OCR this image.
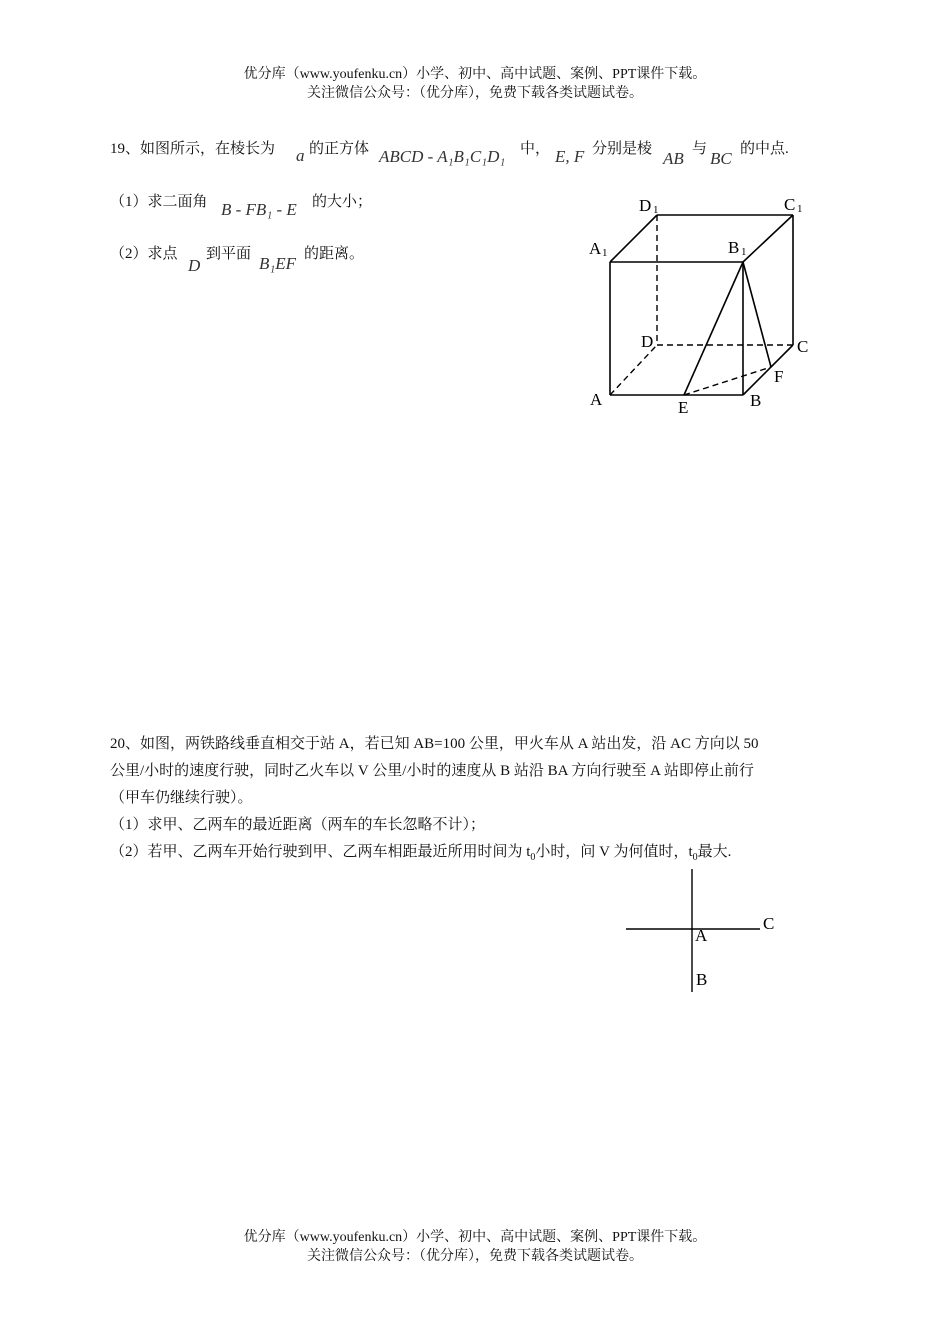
优分库（www.youfenku.cn）小学、初中、高中试题、案例、PPT课件下载。
关注微信公众号：（优分库），免费下载各类试题试卷。
19、如图所示，在棱长为 a 的正方体 ABCD - A₁B₁C₁D₁ 中， E, F 分别是棱 AB 与 BC 的中点.
（1）求二面角 B - FB₁ - E 的大小；
（2）求点
D
到平面 B₁EF 的距离。
D 1	C 1
A 1	B 1
D	C
F
A	B
E
20、如图，两铁路线垂直相交于站 A，若已知 AB=100 公里，甲火车从 A 站出发，沿 AC 方向以 50
公里/小时的速度行驶，同时乙火车以 V 公里/小时的速度从 B 站沿 BA 方向行驶至 A 站即停止前行
（甲车仍继续行驶）。
（1）求甲、乙两车的最近距离（两车的车长忽略不计）；
（2）若甲、乙两车开始行驶到甲、乙两车相距最近所用时间为 $t_0$小时，问 V 为何值时，$t_0$最大.
C
A
B
优分库（www.youfenku.cn）小学、初中、高中试题、案例、PPT课件下载。
关注微信公众号：（优分库），免费下载各类试题试卷。
